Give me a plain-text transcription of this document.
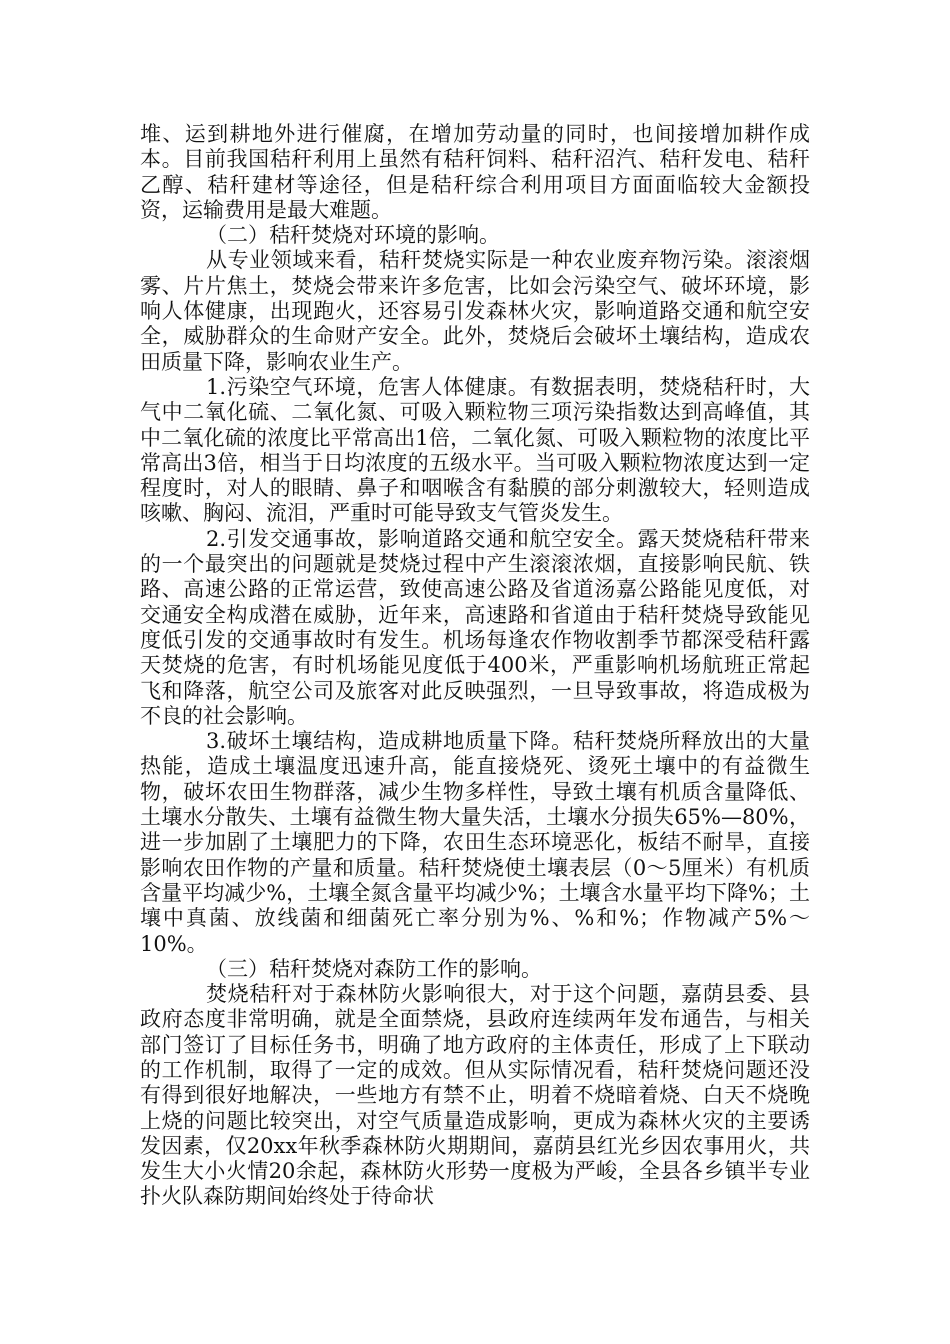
堆、运到耕地外进行催腐，在增加劳动量的同时，也间接增加耕作成本。目前我国秸秆利用上虽然有秸秆饲料、秸秆沼汽、秸秆发电、秸秆乙醇、秸秆建材等途径，但是秸秆综合利用项目方面面临较大金额投资，运输费用是最大难题。

（二）秸秆焚烧对环境的影响。

从专业领域来看，秸秆焚烧实际是一种农业废弃物污染。滚滚烟雾、片片焦土，焚烧会带来许多危害，比如会污染空气、破坏环境，影响人体健康，出现跑火，还容易引发森林火灾，影响道路交通和航空安全，威胁群众的生命财产安全。此外，焚烧后会破坏土壤结构，造成农田质量下降，影响农业生产。

1.污染空气环境，危害人体健康。有数据表明，焚烧秸秆时，大气中二氧化硫、二氧化氮、可吸入颗粒物三项污染指数达到高峰值，其中二氧化硫的浓度比平常高出1倍，二氧化氮、可吸入颗粒物的浓度比平常高出3倍，相当于日均浓度的五级水平。当可吸入颗粒物浓度达到一定程度时，对人的眼睛、鼻子和咽喉含有黏膜的部分刺激较大，轻则造成咳嗽、胸闷、流泪，严重时可能导致支气管炎发生。

2.引发交通事故，影响道路交通和航空安全。露天焚烧秸秆带来的一个最突出的问题就是焚烧过程中产生滚滚浓烟，直接影响民航、铁路、高速公路的正常运营，致使高速公路及省道汤嘉公路能见度低，对交通安全构成潜在威胁，近年来，高速路和省道由于秸秆焚烧导致能见度低引发的交通事故时有发生。机场每逢农作物收割季节都深受秸秆露天焚烧的危害，有时机场能见度低于400米，严重影响机场航班正常起飞和降落，航空公司及旅客对此反映强烈，一旦导致事故，将造成极为不良的社会影响。

3.破坏土壤结构，造成耕地质量下降。秸秆焚烧所释放出的大量热能，造成土壤温度迅速升高，能直接烧死、烫死土壤中的有益微生物，破坏农田生物群落，减少生物多样性，导致土壤有机质含量降低、土壤水分散失、土壤有益微生物大量失活，土壤水分损失65%—80%，进一步加剧了土壤肥力的下降，农田生态环境恶化，板结不耐旱，直接影响农田作物的产量和质量。秸秆焚烧使土壤表层（0～5厘米）有机质含量平均减少%，土壤全氮含量平均减少%；土壤含水量平均下降%；土壤中真菌、放线菌和细菌死亡率分别为%、%和%；作物减产5%～10%。

（三）秸秆焚烧对森防工作的影响。

焚烧秸秆对于森林防火影响很大，对于这个问题，嘉荫县委、县政府态度非常明确，就是全面禁烧，县政府连续两年发布通告，与相关部门签订了目标任务书，明确了地方政府的主体责任，形成了上下联动的工作机制，取得了一定的成效。但从实际情况看，秸秆焚烧问题还没有得到很好地解决，一些地方有禁不止，明着不烧暗着烧、白天不烧晚上烧的问题比较突出，对空气质量造成影响，更成为森林火灾的主要诱发因素，仅20xx年秋季森林防火期期间，嘉荫县红光乡因农事用火，共发生大小火情20余起，森林防火形势一度极为严峻，全县各乡镇半专业扑火队森防期间始终处于待命状
